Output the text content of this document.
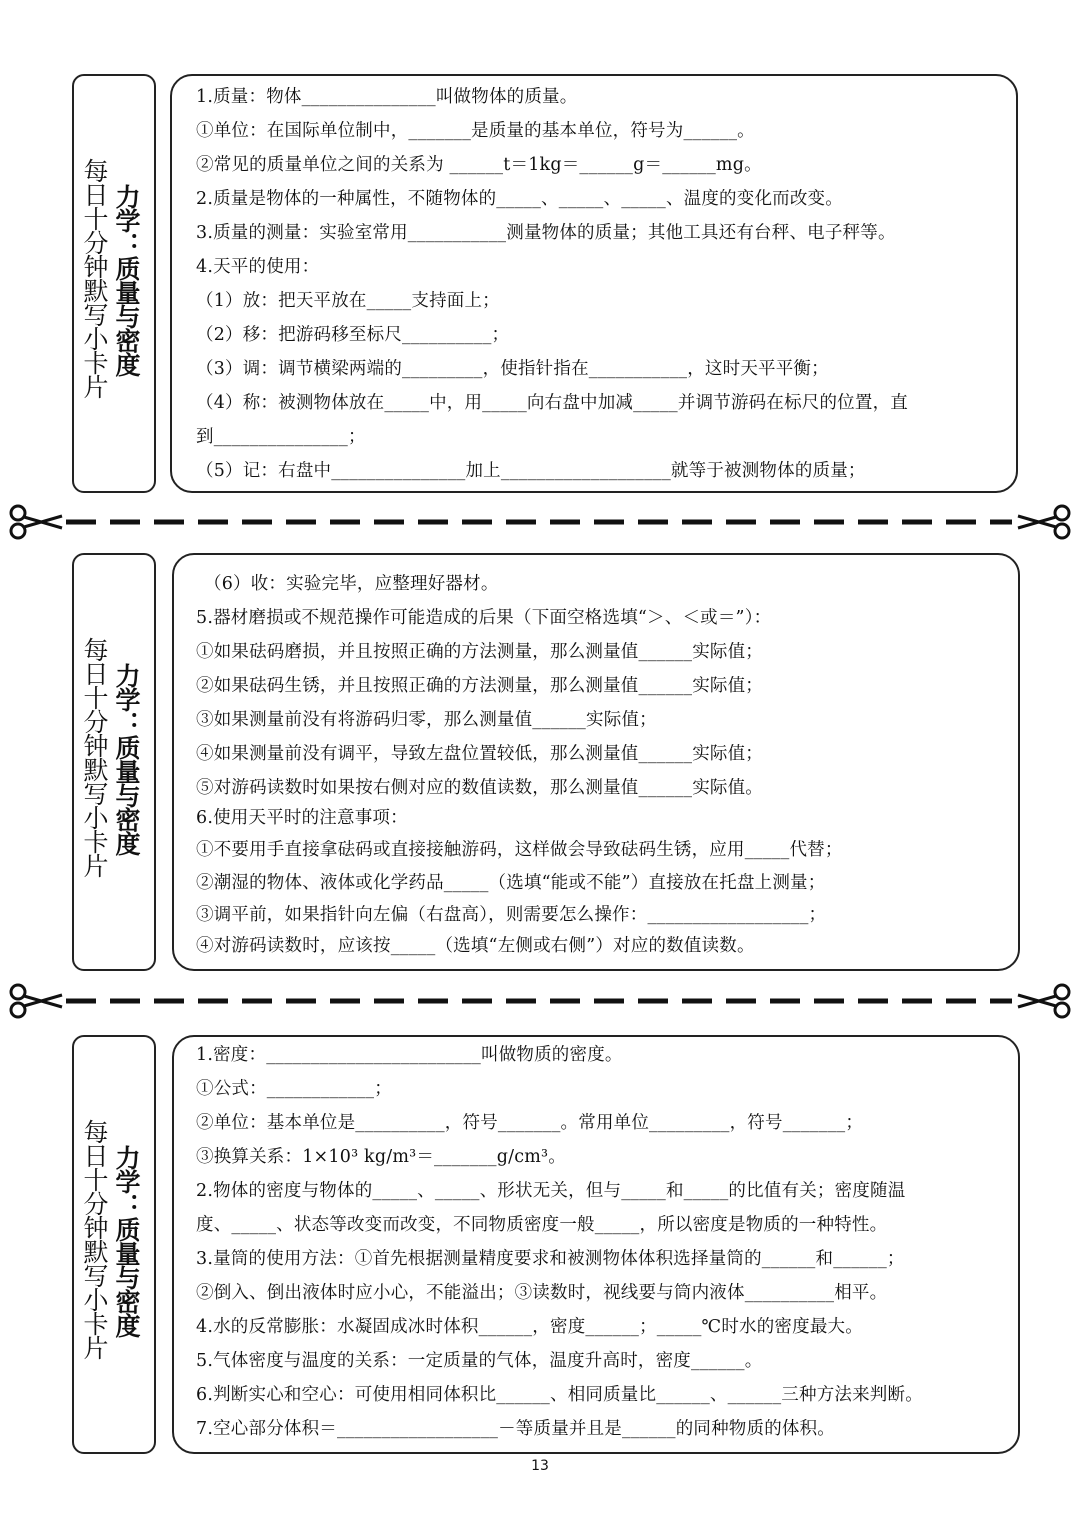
每日十分钟默写小卡片 力学：质量与密度
1.质量：物体_______________叫做物体的质量。
①单位：在国际单位制中，_______是质量的基本单位，符号为______。
②常见的质量单位之间的关系为 ______t＝1kg＝______g＝______mg。
2.质量是物体的一种属性，不随物体的_____、_____、_____、温度的变化而改变。
3.质量的测量：实验室常用___________测量物体的质量；其他工具还有台秤、电子秤等。
4.天平的使用：
（1）放：把天平放在_____支持面上；
（2）移：把游码移至标尺__________；
（3）调：调节横梁两端的_________，使指针指在___________，这时天平平衡；
（4）称：被测物体放在_____中，用_____向右盘中加减_____并调节游码在标尺的位置，直
到_______________；
（5）记：右盘中_______________加上___________________就等于被测物体的质量；
每日十分钟默写小卡片 力学：质量与密度
（6）收：实验完毕，应整理好器材。
5.器材磨损或不规范操作可能造成的后果（下面空格选填“＞、＜或＝”）：
①如果砝码磨损，并且按照正确的方法测量，那么测量值______实际值；
②如果砝码生锈，并且按照正确的方法测量，那么测量值______实际值；
③如果测量前没有将游码归零，那么测量值______实际值；
④如果测量前没有调平，导致左盘位置较低，那么测量值______实际值；
⑤对游码读数时如果按右侧对应的数值读数，那么测量值______实际值。
6.使用天平时的注意事项：
①不要用手直接拿砝码或直接接触游码，这样做会导致砝码生锈，应用_____代替；
②潮湿的物体、液体或化学药品_____（选填“能或不能”）直接放在托盘上测量；
③调平前，如果指针向左偏（右盘高），则需要怎么操作：__________________；
④对游码读数时，应该按_____（选填“左侧或右侧”）对应的数值读数。
每日十分钟默写小卡片 力学：质量与密度
1.密度：________________________叫做物质的密度。
①公式：____________；
②单位：基本单位是__________，符号_______。常用单位_________，符号_______；
③换算关系：1×10³ kg/m³＝_______g/cm³。
2.物体的密度与物体的_____、_____、形状无关，但与_____和_____的比值有关；密度随温
度、_____、状态等改变而改变，不同物质密度一般_____，所以密度是物质的一种特性。
3.量筒的使用方法：①首先根据测量精度要求和被测物体体积选择量筒的______和______；
②倒入、倒出液体时应小心，不能溢出；③读数时，视线要与筒内液体__________相平。
4.水的反常膨胀：水凝固成冰时体积______，密度______；_____℃时水的密度最大。
5.气体密度与温度的关系：一定质量的气体，温度升高时，密度______。
6.判断实心和空心：可使用相同体积比______、相同质量比______、______三种方法来判断。
7.空心部分体积＝__________________－等质量并且是______的同种物质的体积。
13
